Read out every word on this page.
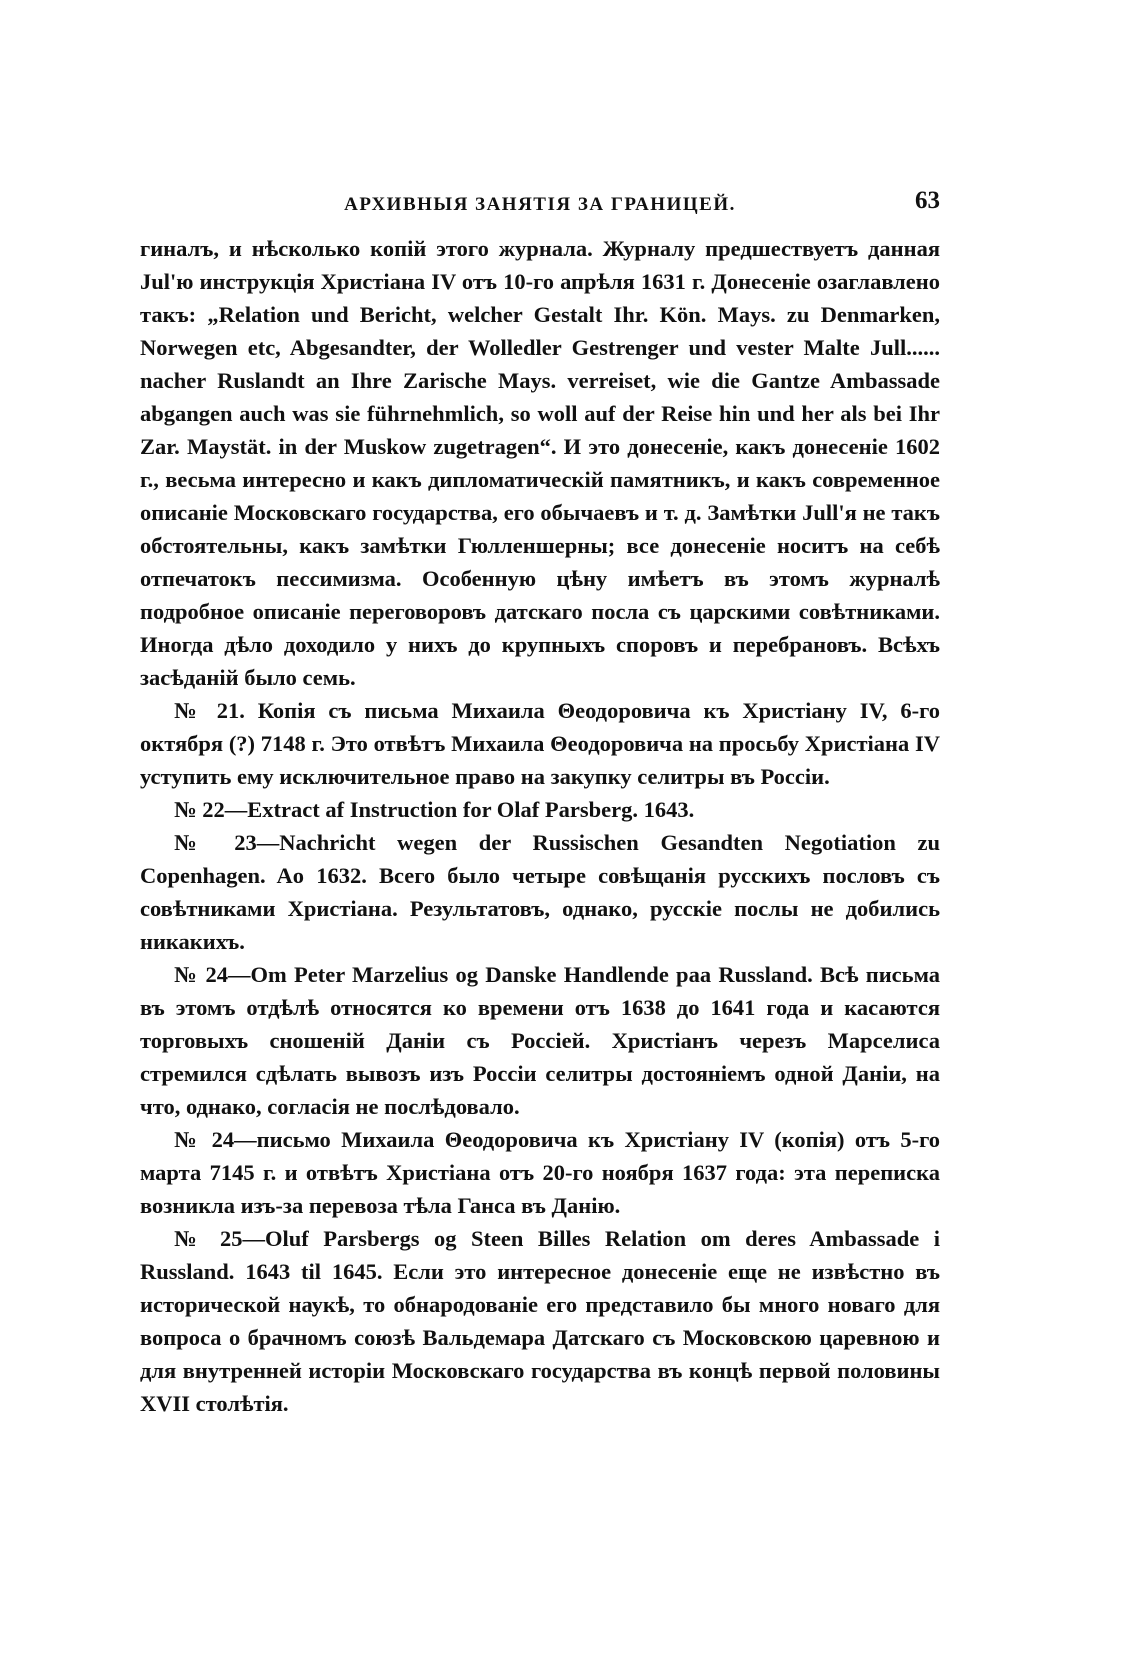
АРХИВНЫЯ ЗАНЯТІЯ ЗА ГРАНИЦЕЙ.	63

гиналъ, и нѣсколько копій этого журнала. Журналу предшествуетъ данная Jul'ю инструкція Христіана IV отъ 10-го апрѣля 1631 г. Донесеніе озаглавлено такъ: „Relation und Bericht, welcher Gestalt Ihr. Kön. Mays. zu Denmarken, Norwegen etc, Abgesandter, der Wolledler Gestrenger und vester Malte Jull...... nacher Ruslandt an Ihre Zarische Mays. verreiset, wie die Gantze Ambassade abgangen auch was sie führnehmlich, so woll auf der Reise hin und her als bei Ihr Zar. Maystät. in der Muskow zugetragen“. И это донесеніе, какъ донесеніе 1602 г., весьма интересно и какъ дипломатическій памятникъ, и какъ современное описаніе Московскаго государства, его обычаевъ и т. д. Замѣтки Jull'я не такъ обстоятельны, какъ замѣтки Гюлленшерны; все донесеніе носитъ на себѣ отпечатокъ пессимизма. Особенную цѣну имѣетъ въ этомъ журналѣ подробное описаніе переговоровъ датскаго посла съ царскими совѣтниками. Иногда дѣло доходило у нихъ до крупныхъ споровъ и перебрановъ. Всѣхъ засѣданій было семь.

№ 21. Копія съ письма Михаила Θеодоровича къ Христіану IV, 6-го октября (?) 7148 г. Это отвѣтъ Михаила Θеодоровича на просьбу Христіана IV уступить ему исключительное право на закупку селитры въ Россіи.

№ 22—Extract af Instruction for Olaf Parsberg. 1643.

№ 23—Nachricht wegen der Russischen Gesandten Negotiation zu Copenhagen. Ao 1632. Всего было четыре совѣщанія русскихъ пословъ съ совѣтниками Христіана. Результатовъ, однако, русскіе послы не добились никакихъ.

№ 24—Om Peter Marzelius og Danske Handlende paa Russland. Всѣ письма въ этомъ отдѣлѣ относятся ко времени отъ 1638 до 1641 года и касаются торговыхъ сношеній Даніи съ Россіей. Христіанъ черезъ Марселиса стремился сдѣлать вывозъ изъ Россіи селитры достояніемъ одной Даніи, на что, однако, согласія не послѣдовало.

№ 24—письмо Михаила Θеодоровича къ Христіану IV (копія) отъ 5-го марта 7145 г. и отвѣтъ Христіана отъ 20-го ноября 1637 года: эта переписка возникла изъ-за перевоза тѣла Ганса въ Данію.

№ 25—Oluf Parsbergs og Steen Billes Relation om deres Ambassade i Russland. 1643 til 1645. Если это интересное донесеніе еще не извѣстно въ исторической наукѣ, то обнародованіе его представило бы много новаго для вопроса о брачномъ союзѣ Вальдемара Датскаго съ Московскою царевною и для внутренней исторіи Московскаго государства въ концѣ первой половины XVII столѣтія.
